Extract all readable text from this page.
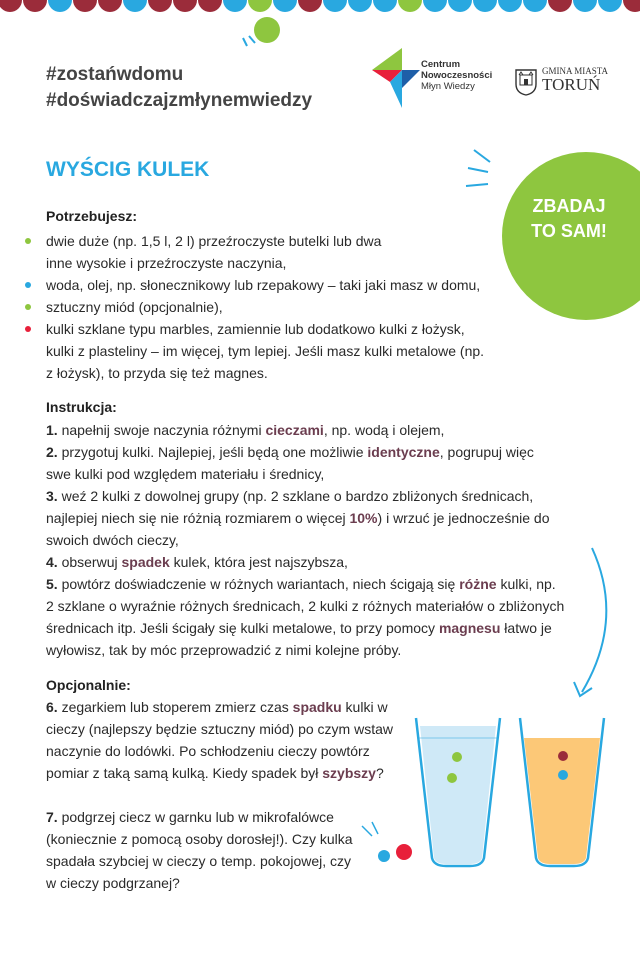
#zostańwdomu
#doświadczajzmłynemwiedzy
Centrum
Nowoczesności
Młyn Wiedzy
GMINA MIASTA
TORUŃ
WYŚCIG KULEK
ZBADAJ
TO SAM!
Potrzebujesz:
dwie duże (np. 1,5 l, 2 l) przeźroczyste butelki lub dwa inne wysokie i przeźroczyste naczynia,
woda, olej, np. słonecznikowy lub rzepakowy – taki jaki masz w domu,
sztuczny miód (opcjonalnie),
kulki szklane typu marbles, zamiennie lub dodatkowo kulki z łożysk, kulki z plasteliny – im więcej, tym lepiej. Jeśli masz kulki metalowe (np. z łożysk), to przyda się też magnes.
Instrukcja:
1. napełnij swoje naczynia różnymi cieczami, np. wodą i olejem,
2. przygotuj kulki. Najlepiej, jeśli będą one możliwie identyczne, pogrupuj więc swe kulki pod względem materiału i średnicy,
3. weź 2 kulki z dowolnej grupy (np. 2 szklane o bardzo zbliżonych średnicach, najlepiej niech się nie różnią rozmiarem o więcej 10%) i wrzuć je jednocześnie do swoich dwóch cieczy,
4. obserwuj spadek kulek, która jest najszybsza,
5. powtórz doświadczenie w różnych wariantach, niech ścigają się różne kulki, np. 2 szklane o wyraźnie różnych średnicach, 2 kulki z różnych materiałów o zbliżonych średnicach itp. Jeśli ścigały się kulki metalowe, to przy pomocy magnesu łatwo je wyłowisz, tak by móc przeprowadzić z nimi kolejne próby.
Opcjonalnie:
6. zegarkiem lub stoperem zmierz czas spadku kulki w cieczy (najlepszy będzie sztuczny miód) po czym wstaw naczynie do lodówki. Po schłodzeniu cieczy powtórz pomiar z taką samą kulką. Kiedy spadek był szybszy?
7. podgrzej ciecz w garnku lub w mikrofalówce (koniecznie z pomocą osoby dorosłej!). Czy kulka spadała szybciej w cieczy o temp. pokojowej, czy w cieczy podgrzanej?
